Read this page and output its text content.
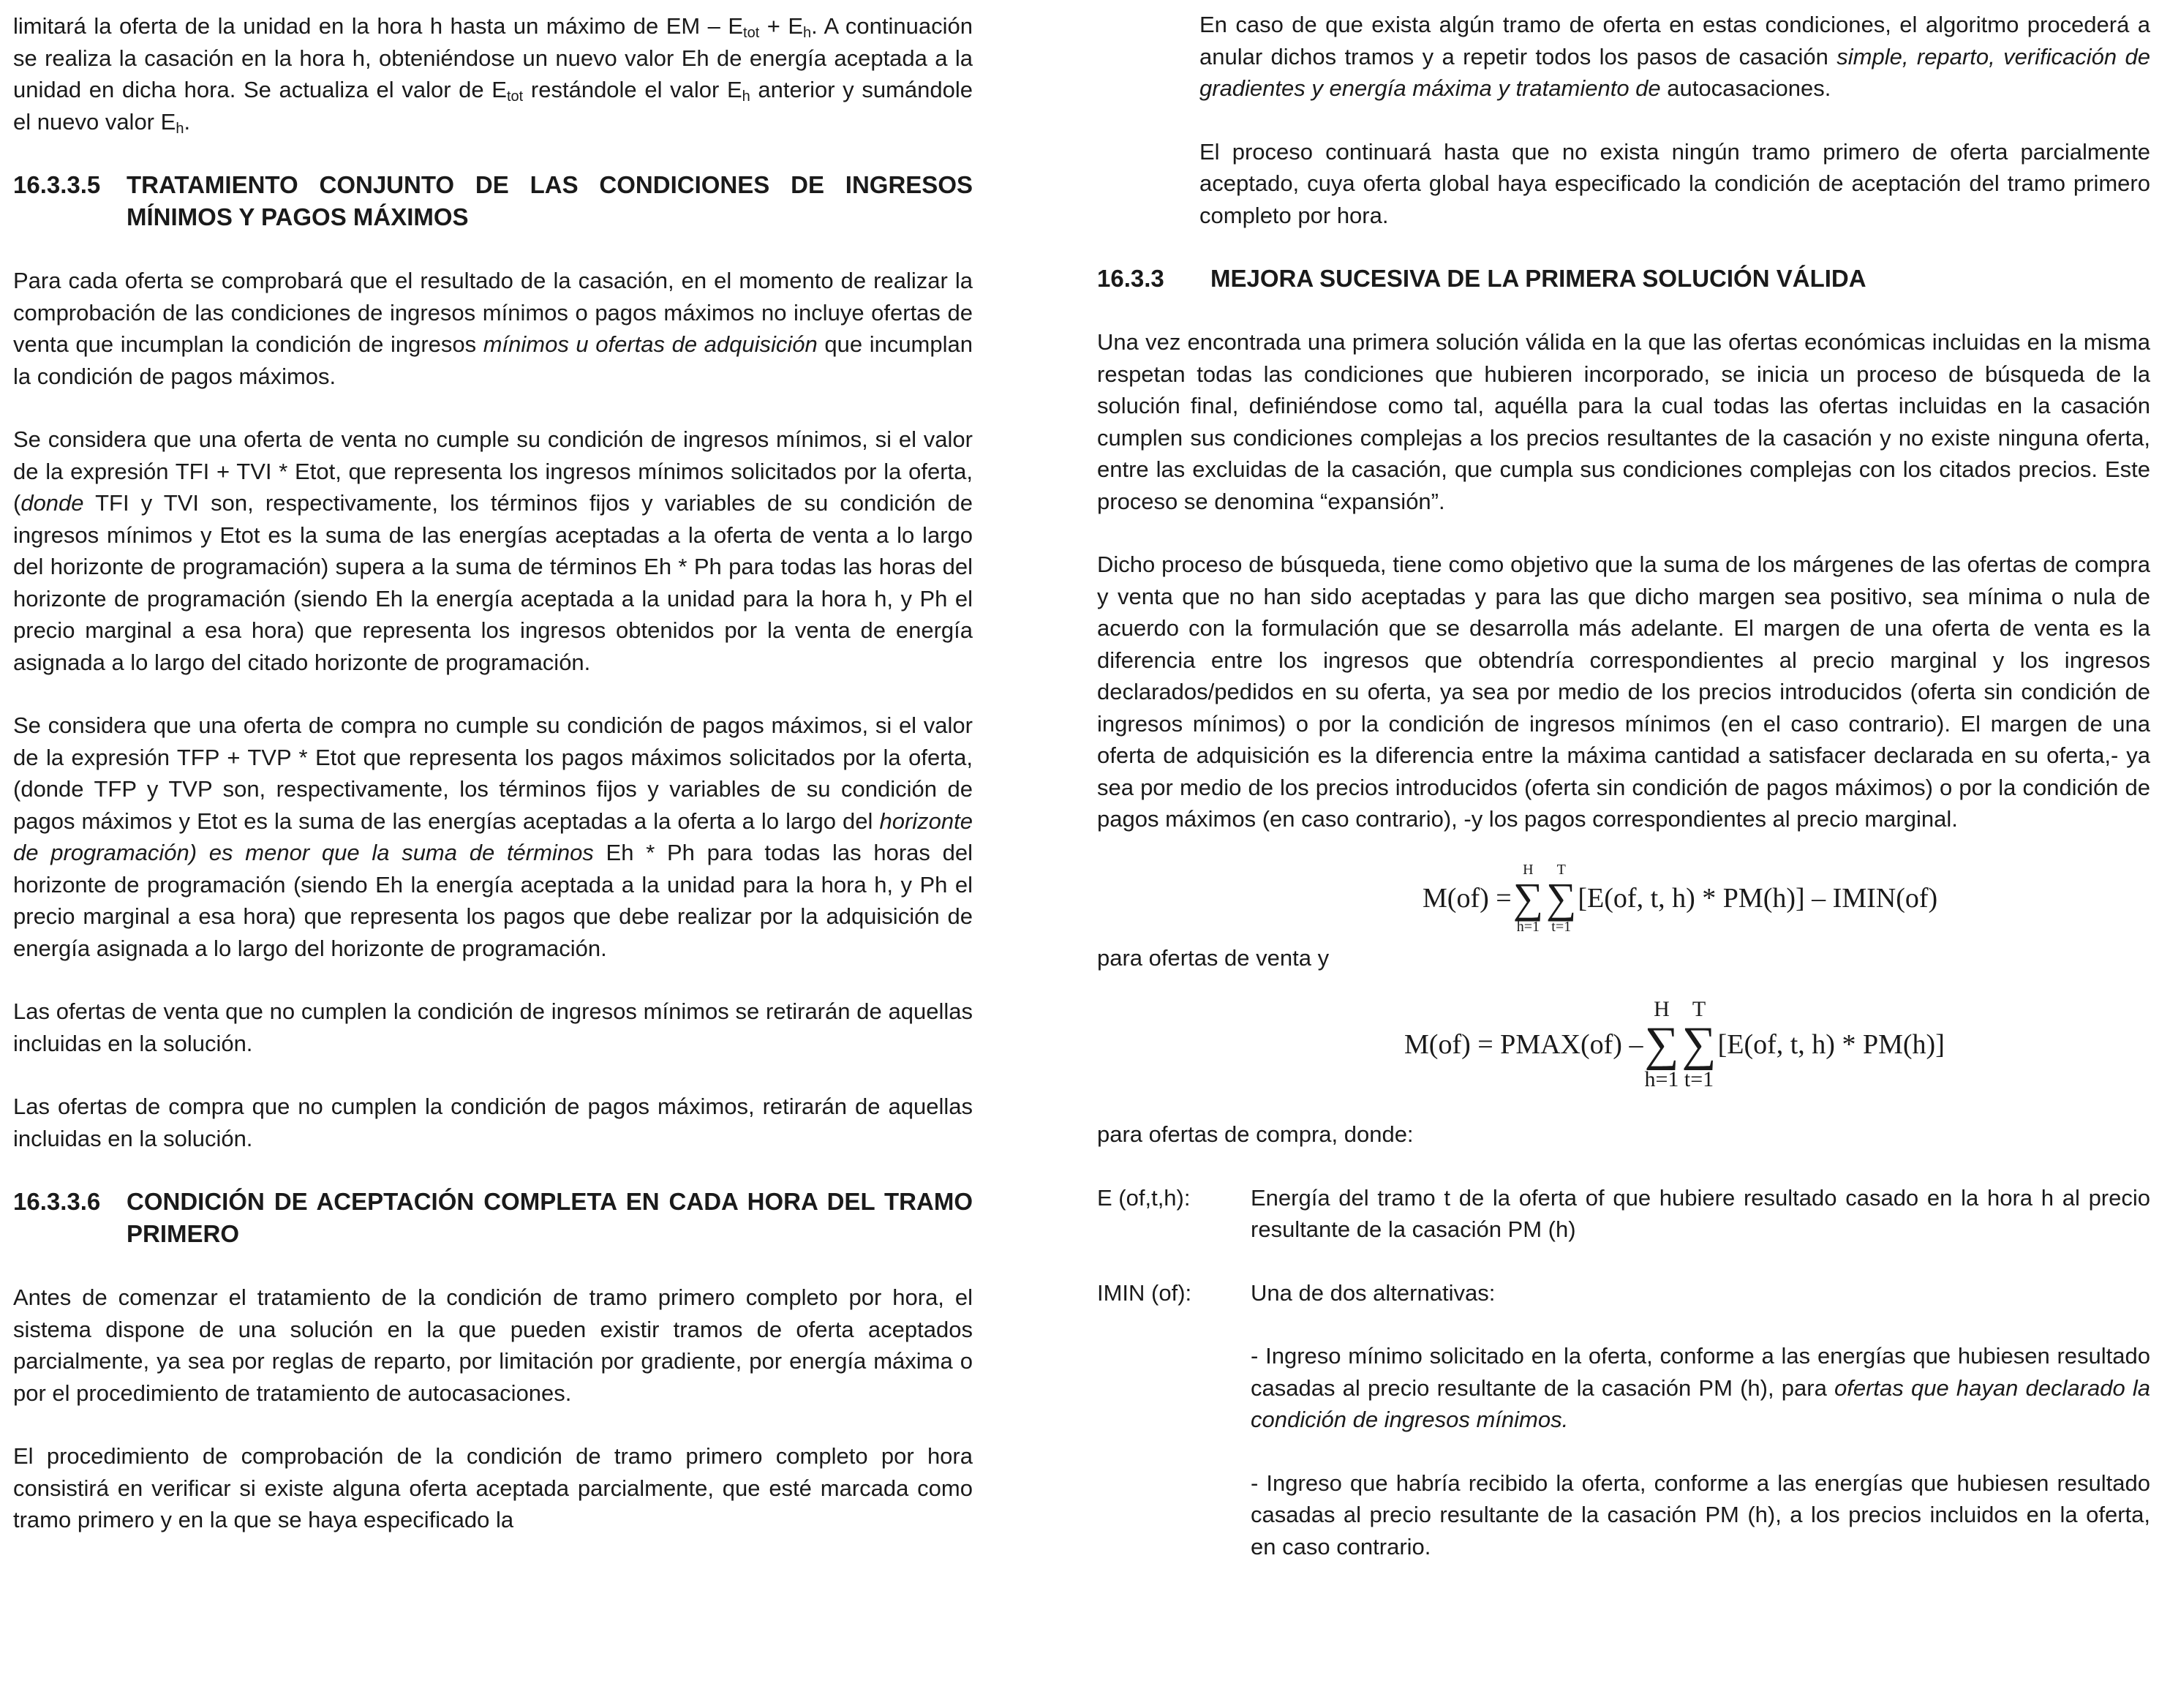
limitará la oferta de la unidad en la hora h hasta un máximo de EM – $E_{tot} + E_h$. A continuación se realiza la casación en la hora h, obteniéndose un nuevo valor Eh de energía aceptada a la unidad en dicha hora. Se actualiza el valor de $E_{tot}$ restándole el valor $E_h$ anterior y sumándole el nuevo valor $E_h$.

16.3.3.5 TRATAMIENTO CONJUNTO DE LAS CONDICIONES DE INGRESOS MÍNIMOS Y PAGOS MÁXIMOS

Para cada oferta se comprobará que el resultado de la casación, en el momento de realizar la comprobación de las condiciones de ingresos mínimos o pagos máximos no incluye ofertas de venta que incumplan la condición de ingresos mínimos u ofertas de adquisición que incumplan la condición de pagos máximos.

Se considera que una oferta de venta no cumple su condición de ingresos mínimos, si el valor de la expresión TFI + TVI * Etot, que representa los ingresos mínimos solicitados por la oferta, (donde TFI y TVI son, respectivamente, los términos fijos y variables de su condición de ingresos mínimos y Etot es la suma de las energías aceptadas a la oferta de venta a lo largo del horizonte de programación) supera a la suma de términos Eh * Ph para todas las horas del horizonte de programación (siendo Eh la energía aceptada a la unidad para la hora h, y Ph el precio marginal a esa hora) que representa los ingresos obtenidos por la venta de energía asignada a lo largo del citado horizonte de programación.

Se considera que una oferta de compra no cumple su condición de pagos máximos, si el valor de la expresión TFP + TVP * Etot que representa los pagos máximos solicitados por la oferta, (donde TFP y TVP son, respectivamente, los términos fijos y variables de su condición de pagos máximos y Etot es la suma de las energías aceptadas a la oferta a lo largo del horizonte de programación) es menor que la suma de términos Eh * Ph para todas las horas del horizonte de programación (siendo Eh la energía aceptada a la unidad para la hora h, y Ph el precio marginal a esa hora) que representa los pagos que debe realizar por la adquisición de energía asignada a lo largo del horizonte de programación.

Las ofertas de venta que no cumplen la condición de ingresos mínimos se retirarán de aquellas incluidas en la solución.

Las ofertas de compra que no cumplen la condición de pagos máximos, retirarán de aquellas incluidas en la solución.

16.3.3.6 CONDICIÓN DE ACEPTACIÓN COMPLETA EN CADA HORA DEL TRAMO PRIMERO

Antes de comenzar el tratamiento de la condición de tramo primero completo por hora, el sistema dispone de una solución en la que pueden existir tramos de oferta aceptados parcialmente, ya sea por reglas de reparto, por limitación por gradiente, por energía máxima o por el procedimiento de tratamiento de autocasaciones.

El procedimiento de comprobación de la condición de tramo primero completo por hora consistirá en verificar si existe alguna oferta aceptada parcialmente, que esté marcada como tramo primero y en la que se haya especificado la

En caso de que exista algún tramo de oferta en estas condiciones, el algoritmo procederá a anular dichos tramos y a repetir todos los pasos de casación simple, reparto, verificación de gradientes y energía máxima y tratamiento de autocasaciones.

El proceso continuará hasta que no exista ningún tramo primero de oferta parcialmente aceptado, cuya oferta global haya especificado la condición de aceptación del tramo primero completo por hora.

16.3.3 MEJORA SUCESIVA DE LA PRIMERA SOLUCIÓN VÁLIDA

Una vez encontrada una primera solución válida en la que las ofertas económicas incluidas en la misma respetan todas las condiciones que hubieren incorporado, se inicia un proceso de búsqueda de la solución final, definiéndose como tal, aquélla para la cual todas las ofertas incluidas en la casación cumplen sus condiciones complejas a los precios resultantes de la casación y no existe ninguna oferta, entre las excluidas de la casación, que cumpla sus condiciones complejas con los citados precios. Este proceso se denomina “expansión”.

Dicho proceso de búsqueda, tiene como objetivo que la suma de los márgenes de las ofertas de compra y venta que no han sido aceptadas y para las que dicho margen sea positivo, sea mínima o nula de acuerdo con la formulación que se desarrolla más adelante. El margen de una oferta de venta es la diferencia entre los ingresos que obtendría correspondientes al precio marginal y los ingresos declarados/pedidos en su oferta, ya sea por medio de los precios introducidos (oferta sin condición de ingresos mínimos) o por la condición de ingresos mínimos (en el caso contrario). El margen de una oferta de adquisición es la diferencia entre la máxima cantidad a satisfacer declarada en su oferta,- ya sea por medio de los precios introducidos (oferta sin condición de pagos máximos) o por la condición de pagos máximos (en caso contrario), -y los pagos correspondientes al precio marginal.

M(of) =
H
∑
h=1
T
∑
t=1
[E(of, t, h) * PM(h)] – IMIN(of)

para ofertas de venta y

M(of) = PMAX(of) –
H
∑
h=1
T
∑
t=1
[E(of, t, h) * PM(h)]

para ofertas de compra, donde:

E (of,t,h):	Energía del tramo t de la oferta of que hubiere resultado casado en la hora h al precio resultante de la casación PM (h)

IMIN (of):	Una de dos alternativas:

- Ingreso mínimo solicitado en la oferta, conforme a las energías que hubiesen resultado casadas al precio resultante de la casación PM (h), para ofertas que hayan declarado la condición de ingresos mínimos.

- Ingreso que habría recibido la oferta, conforme a las energías que hubiesen resultado casadas al precio resultante de la casación PM (h), a los precios incluidos en la oferta, en caso contrario.
